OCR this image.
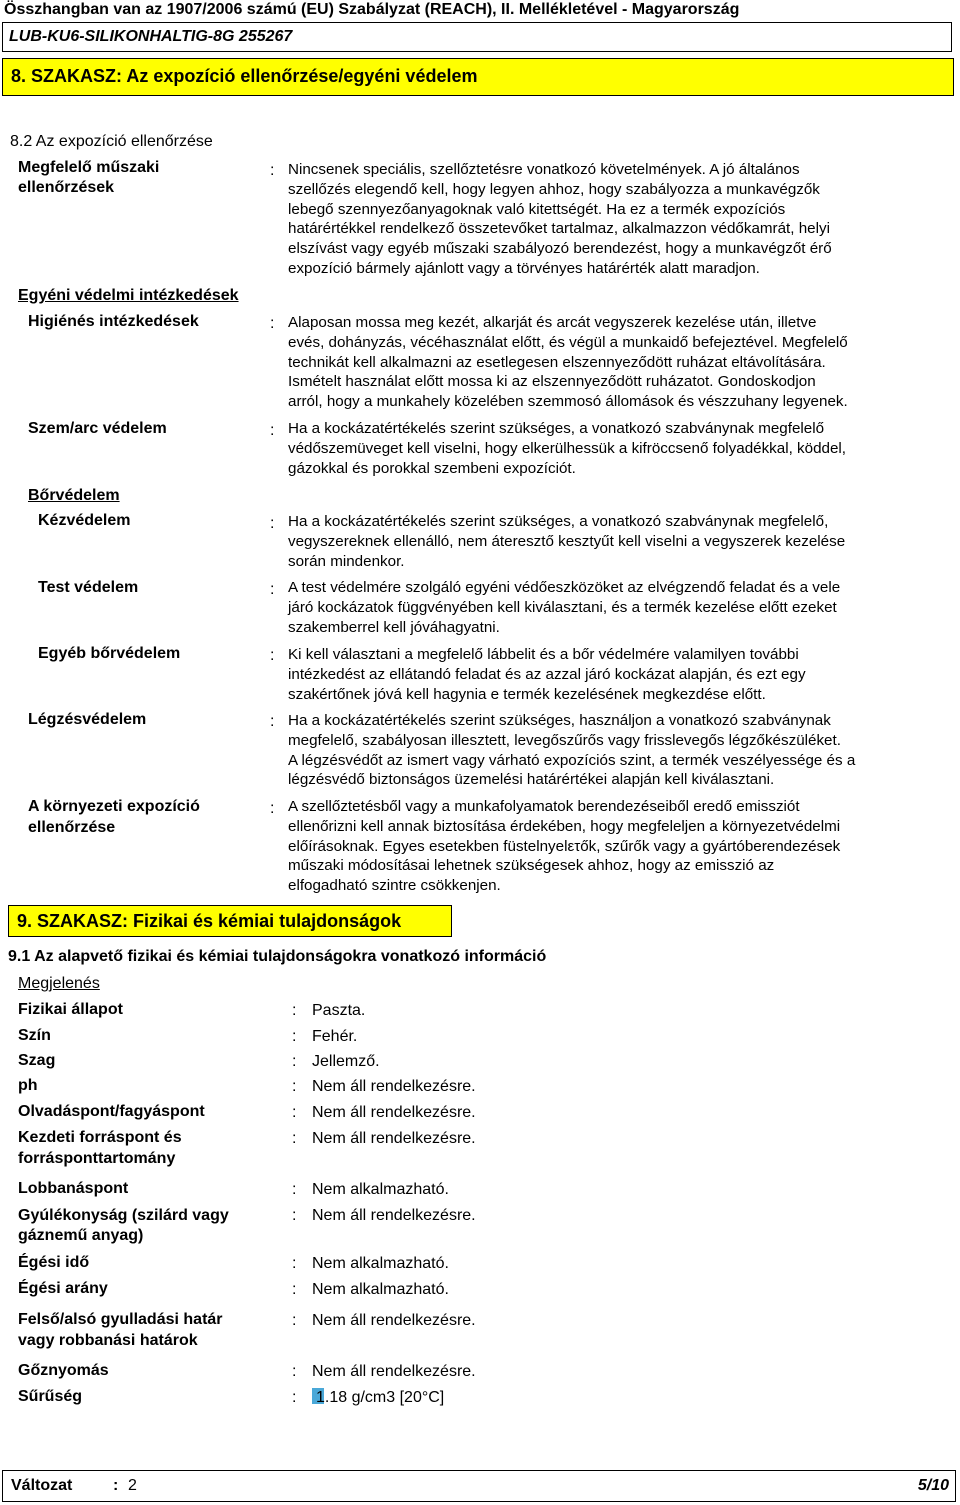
Összhangban van az 1907/2006 számú (EU) Szabályzat (REACH), II. Mellékletével - Magyarország
LUB-KU6-SILIKONHALTIG-8G 255267
8. SZAKASZ: Az expozíció ellenőrzése/egyéni védelem
8.2 Az expozíció ellenőrzése
Megfelelő műszaki
ellenőrzések
: Nincsenek speciális, szellőztetésre vonatkozó követelmények. A jó általános
szellőzés elegendő kell, hogy legyen ahhoz, hogy szabályozza a munkavégzők
lebegő szennyezőanyagoknak való kitettségét. Ha ez a termék expozíciós
határértékkel rendelkező összetevőket tartalmaz, alkalmazzon védőkamrát, helyi
elszívást vagy egyéb műszaki szabályozó berendezést, hogy a munkavégzőt érő
expozíció bármely ajánlott vagy a törvényes határérték alatt maradjon.
Egyéni védelmi intézkedések
Higiénés intézkedések	: Alaposan mossa meg kezét, alkarját és arcát vegyszerek kezelése után, illetve
evés, dohányzás, vécéhasználat előtt, és végül a munkaidő befejeztével. Megfelelő
technikát kell alkalmazni az esetlegesen elszennyeződött ruházat eltávolítására.
Ismételt használat előtt mossa ki az elszennyeződött ruházatot. Gondoskodjon
arról, hogy a munkahely közelében szemmosó állomások és vészzuhany legyenek.
Szem/arc védelem	: Ha a kockázatértékelés szerint szükséges, a vonatkozó szabványnak megfelelő
védőszemüveget kell viselni, hogy elkerülhessük a kifröccsenő folyadékkal, köddel,
gázokkal és porokkal szembeni expozíciót.
Bőrvédelem
Kézvédelem	: Ha a kockázatértékelés szerint szükséges, a vonatkozó szabványnak megfelelő,
vegyszereknek ellenálló, nem áteresztő kesztyűt kell viselni a vegyszerek kezelése
során mindenkor.
Test védelem	: A test védelmére szolgáló egyéni védőeszközöket az elvégzendő feladat és a vele
járó kockázatok függvényében kell kiválasztani, és a termék kezelése előtt ezeket
szakemberrel kell jóváhagyatni.
Egyéb bőrvédelem	: Ki kell választani a megfelelő lábbelit és a bőr védelmére valamilyen további
intézkedést az ellátandó feladat és az azzal járó kockázat alapján, és ezt egy
szakértőnek jóvá kell hagynia e termék kezelésének megkezdése előtt.
Légzésvédelem	: Ha a kockázatértékelés szerint szükséges, használjon a vonatkozó szabványnak
megfelelő, szabályosan illesztett, levegőszűrős vagy frisslevegős légzőkészüléket.
A légzésvédőt az ismert vagy várható expozíciós szint, a termék veszélyessége és a
légzésvédő biztonságos üzemelési határértékei alapján kell kiválasztani.
A környezeti expozíció
ellenőrzése
: A szellőztetésből vagy a munkafolyamatok berendezéseiből eredő emissziót
ellenőrizni kell annak biztosítása érdekében, hogy megfeleljen a környezetvédelmi
előírásoknak. Egyes esetekben füstelnyelετők, szűrők vagy a gyártóberendezések
műszaki módosításai lehetnek szükségesek ahhoz, hogy az emisszió az
elfogadható szintre csökkenjen.
9. SZAKASZ: Fizikai és kémiai tulajdonságok
9.1 Az alapvető fizikai és kémiai tulajdonságokra vonatkozó információ
Megjelenés
Fizikai állapot	: Paszta.
Szín	: Fehér.
Szag	: Jellemző.
ph	: Nem áll rendelkezésre.
Olvadáspont/fagyáspont	: Nem áll rendelkezésre.
Kezdeti forráspont és
forrásponttartomány
: Nem áll rendelkezésre.
Lobbanáspont	: Nem alkalmazható.
Gyúlékonyság (szilárd vagy
gáznemű anyag)
: Nem áll rendelkezésre.
Égési idő	: Nem alkalmazható.
Égési arány	: Nem alkalmazható.
Felső/alsó gyulladási határ
vagy robbanási határok
: Nem áll rendelkezésre.
Gőznyomás	: Nem áll rendelkezésre.
Sűrűség	: 1.18 g/cm3 [20°C]
Változat	: 2	5/10
